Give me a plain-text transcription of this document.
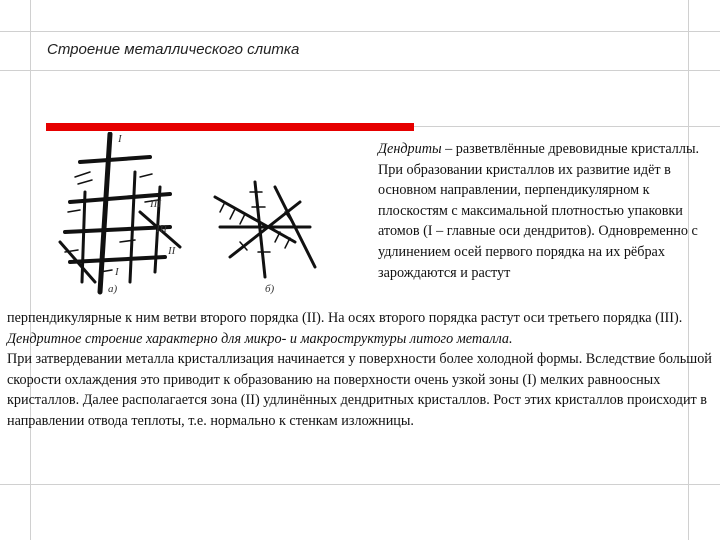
Строение металлического слитка
I
III
III
II
I
а)	б)
Дендриты – разветвлённые древовидные кристаллы. При образовании кристаллов их развитие идёт в основном направлении, перпендикулярном к плоскостям с максимальной плотностью упаковки атомов (I – главные оси дендритов). Одновременно с удлинением осей первого порядка на их рёбрах зарождаются и растут
перпендикулярные к ним ветви второго порядка (II). На осях второго порядка растут оси третьего порядка (III). Дендритное строение характерно для микро- и макроструктуры литого металла.
При затвердевании металла кристаллизация начинается у поверхности более холодной формы. Вследствие большой скорости охлаждения это приводит к образованию на поверхности очень узкой зоны (I) мелких равноосных кристаллов. Далее располагается зона (II) удлинённых дендритных кристаллов. Рост этих кристаллов происходит в направлении отвода теплоты, т.е. нормально к стенкам изложницы.
